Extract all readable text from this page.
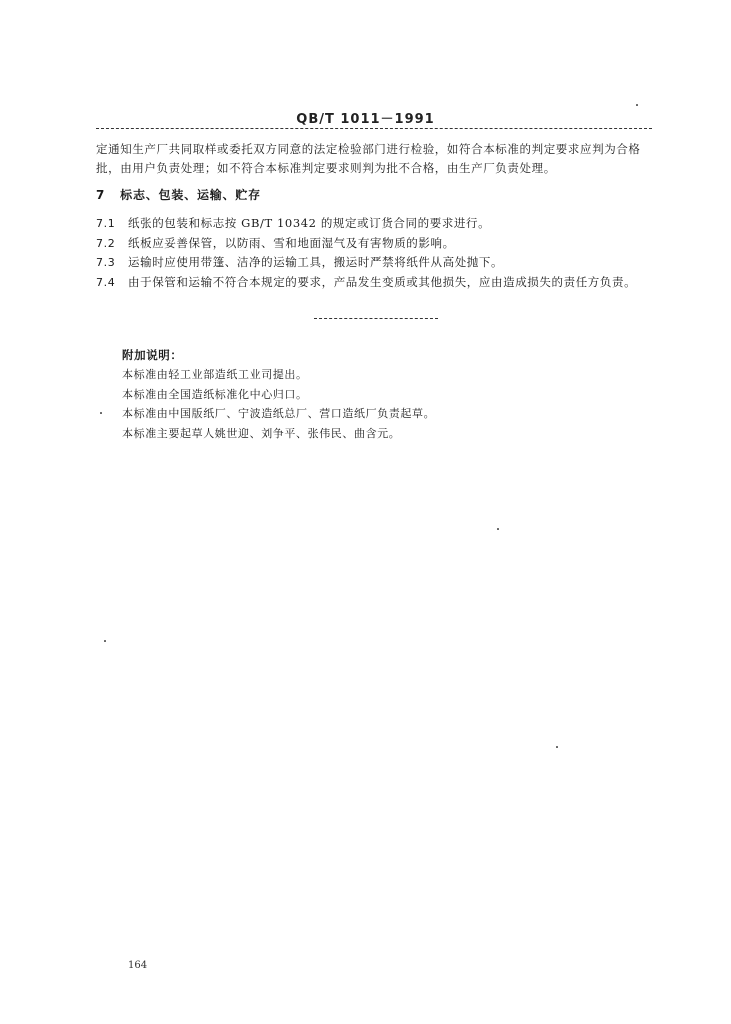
QB/T 1011－1991
定通知生产厂共同取样或委托双方同意的法定检验部门进行检验，如符合本标准的判定要求应判为合格批，由用户负责处理；如不符合本标准判定要求则判为批不合格，由生产厂负责处理。
7 标志、包装、运输、贮存
7.1 纸张的包装和标志按 GB/T 10342 的规定或订货合同的要求进行。
7.2 纸板应妥善保管，以防雨、雪和地面湿气及有害物质的影响。
7.3 运输时应使用带篷、洁净的运输工具，搬运时严禁将纸件从高处抛下。
7.4 由于保管和运输不符合本规定的要求，产品发生变质或其他损失，应由造成损失的责任方负责。
附加说明：
本标准由轻工业部造纸工业司提出。
本标准由全国造纸标准化中心归口。
本标准由中国版纸厂、宁波造纸总厂、营口造纸厂负责起草。
本标准主要起草人姚世迎、刘争平、张伟民、曲含元。
164
